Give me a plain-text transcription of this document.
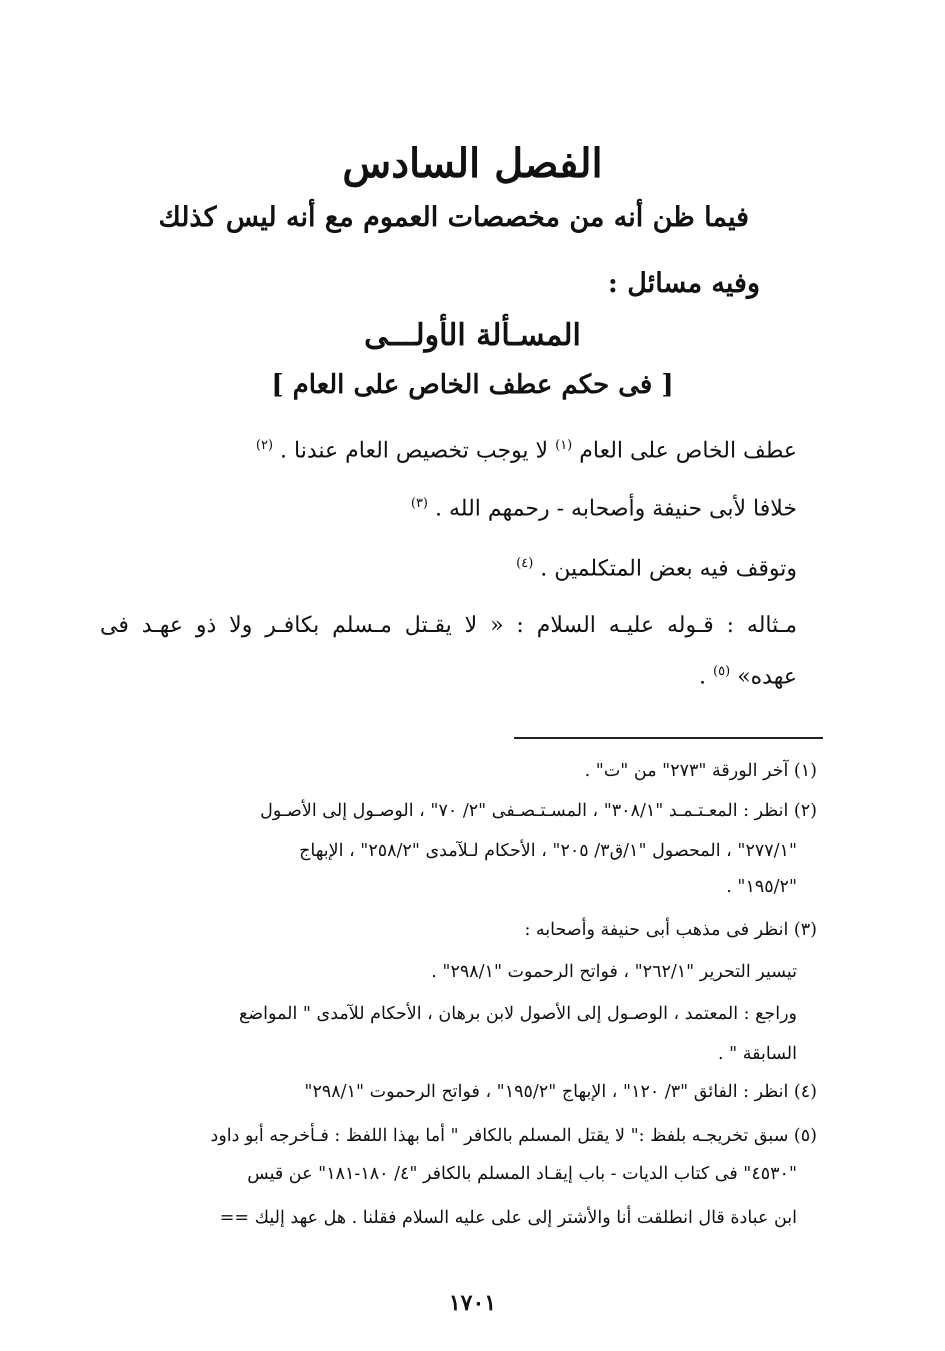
الفصل السادس
فيما ظن أنه من مخصصات العموم مع أنه ليس كذلك
وفيه مسائل :
المسـألة الأولـــى
[ فى حكم عطف الخاص على العام ]
عطف الخاص على العام $^{(١)}$ لا يوجب تخصيص العام عندنا . $^{(٢)}$
خلافا لأبى حنيفة وأصحابه - رحمهم الله . $^{(٣)}$
وتوقف فيه بعض المتكلمين . $^{(٤)}$
مـثاله : قـوله عليـه السلام : « لا يقـتل مـسلم بكافـر ولا ذو عهـد فى
عهده» $^{(٥)}$ .
(١) آخر الورقة "٢٧٣" من "ت" .
(٢) انظر : المعـتـمـد "٣٠٨/١" ، المسـتـصـفى "٢/ ٧٠" ، الوصـول إلى الأصـول
"٢٧٧/١" ، المحصول "١/ق٣/ ٢٠٥" ، الأحكام لـلآمدى "٢٥٨/٢" ، الإبهاج
"١٩٥/٢" .
(٣) انظر فى مذهب أبى حنيفة وأصحابه :
تيسير التحرير "٢٦٢/١" ، فواتح الرحموت "٢٩٨/١" .
وراجع : المعتمد ، الوصـول إلى الأصول لابن برهان ، الأحكام للآمدى " المواضع
السابقة " .
(٤) انظر : الفائق "٣/ ١٢٠" ، الإبهاج "١٩٥/٢" ، فواتح الرحموت "٢٩٨/١"
(٥) سبق تخريجـه بلفظ :" لا يقتل المسلم بالكافر " أما بهذا اللفظ : فـأخرجه أبو داود
"٤٥٣٠" فى كتاب الديات - باب إيقـاد المسلم بالكافر "٤/ ١٨٠-١٨١" عن قيس
ابن عبادة قال انطلقت أنا والأشتر إلى على عليه السلام فقلنا . هل عهد إليك ==
١٧٠١
